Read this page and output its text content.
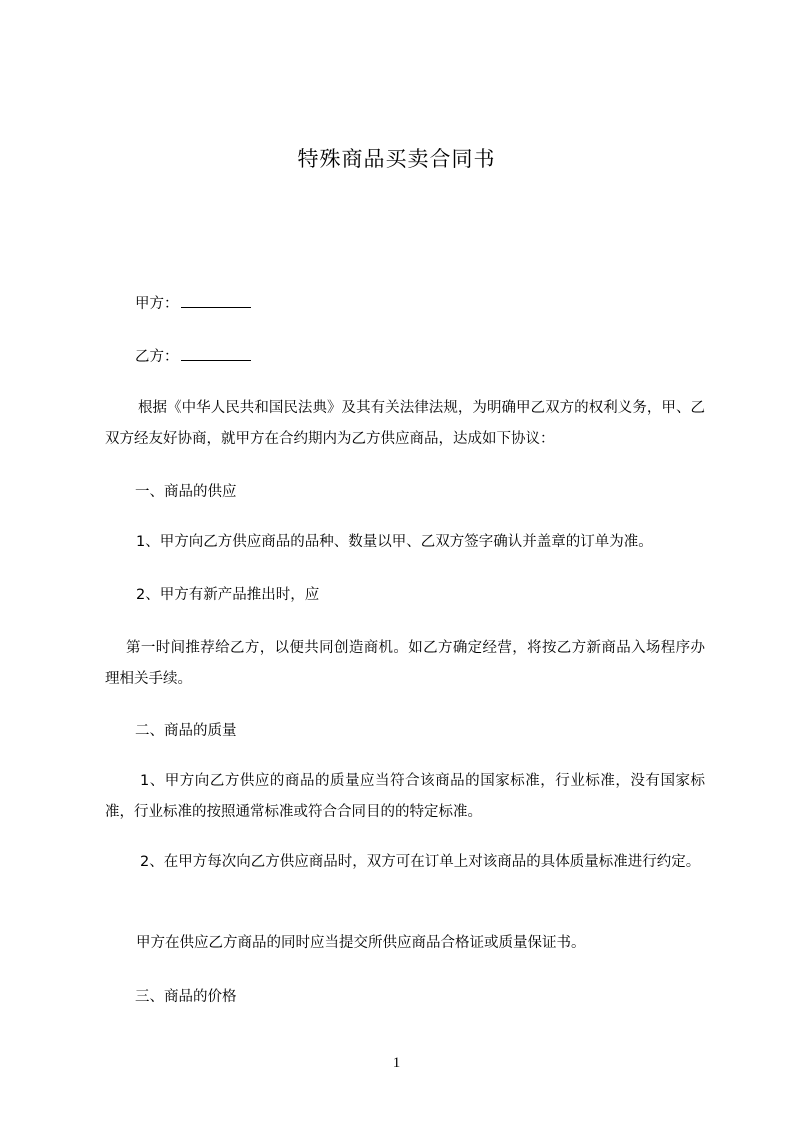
特殊商品买卖合同书
甲方：
乙方：
根据《中华人民共和国民法典》及其有关法律法规，为明确甲乙双方的权利义务，甲、乙双方经友好协商，就甲方在合约期内为乙方供应商品，达成如下协议：
一、商品的供应
1、甲方向乙方供应商品的品种、数量以甲、乙双方签字确认并盖章的订单为准。
2、甲方有新产品推出时，应
第一时间推荐给乙方，以便共同创造商机。如乙方确定经营，将按乙方新商品入场程序办理相关手续。
二、商品的质量
1、甲方向乙方供应的商品的质量应当符合该商品的国家标准，行业标准，没有国家标准，行业标准的按照通常标准或符合合同目的的特定标准。
2、在甲方每次向乙方供应商品时，双方可在订单上对该商品的具体质量标准进行约定。
甲方在供应乙方商品的同时应当提交所供应商品合格证或质量保证书。
三、商品的价格
1
